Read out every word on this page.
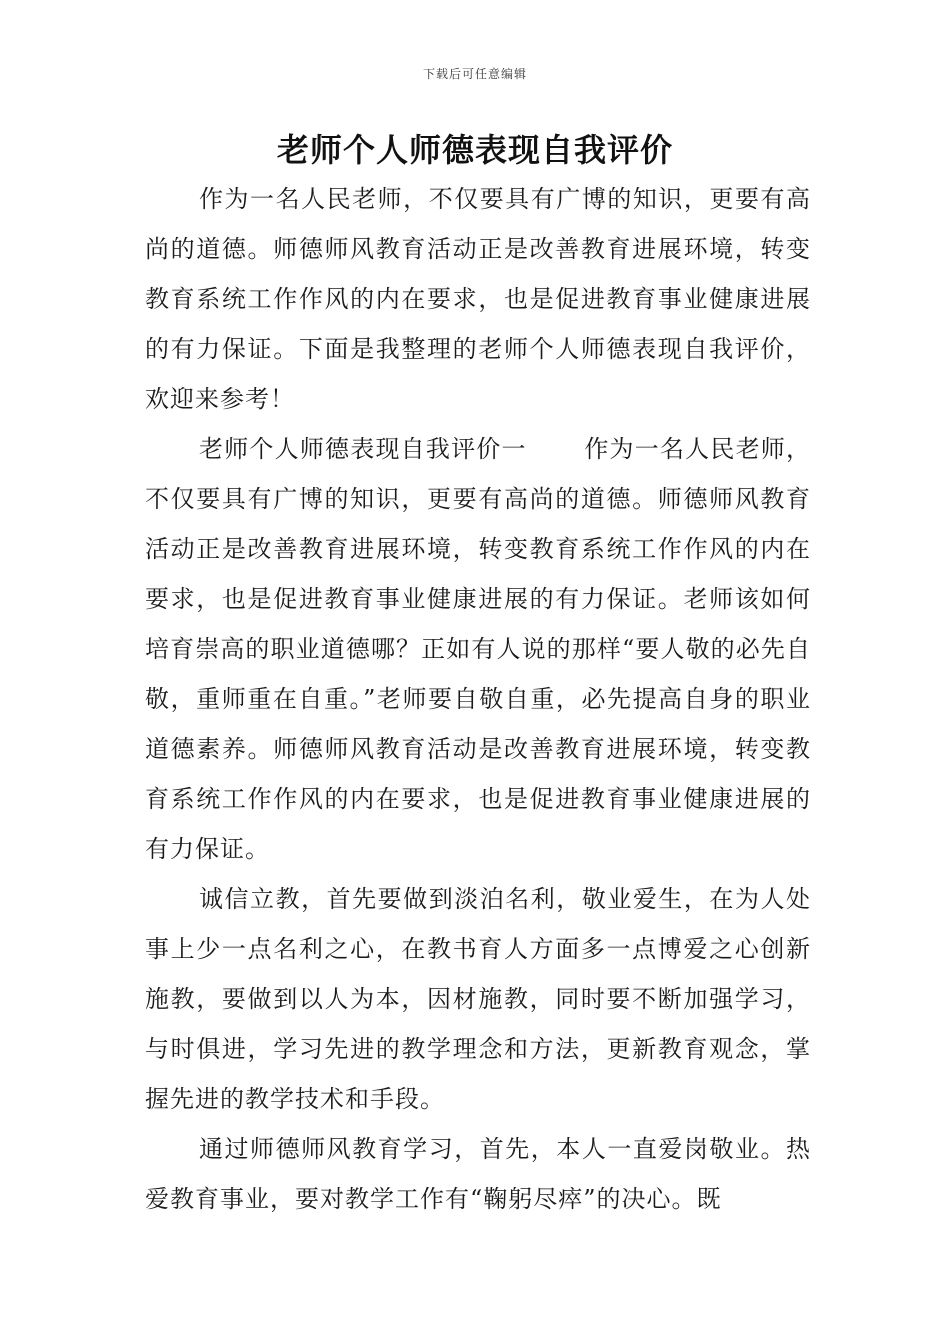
下载后可任意编辑
老师个人师德表现自我评价

作为一名人民老师，不仅要具有广博的知识，更要有高尚的道德。师德师风教育活动正是改善教育进展环境，转变教育系统工作作风的内在要求，也是促进教育事业健康进展的有力保证。下面是我整理的老师个人师德表现自我评价，欢迎来参考！

老师个人师德表现自我评价一 作为一名人民老师，不仅要具有广博的知识，更要有高尚的道德。师德师风教育活动正是改善教育进展环境，转变教育系统工作作风的内在要求，也是促进教育事业健康进展的有力保证。老师该如何培育崇高的职业道德哪？正如有人说的那样“要人敬的必先自敬，重师重在自重。”老师要自敬自重，必先提高自身的职业道德素养。师德师风教育活动是改善教育进展环境，转变教育系统工作作风的内在要求，也是促进教育事业健康进展的有力保证。

诚信立教，首先要做到淡泊名利，敬业爱生，在为人处事上少一点名利之心，在教书育人方面多一点博爱之心创新施教，要做到以人为本，因材施教，同时要不断加强学习，与时俱进，学习先进的教学理念和方法，更新教育观念，掌握先进的教学技术和手段。

通过师德师风教育学习，首先，本人一直爱岗敬业。热爱教育事业，要对教学工作有“鞠躬尽瘁”的决心。既
